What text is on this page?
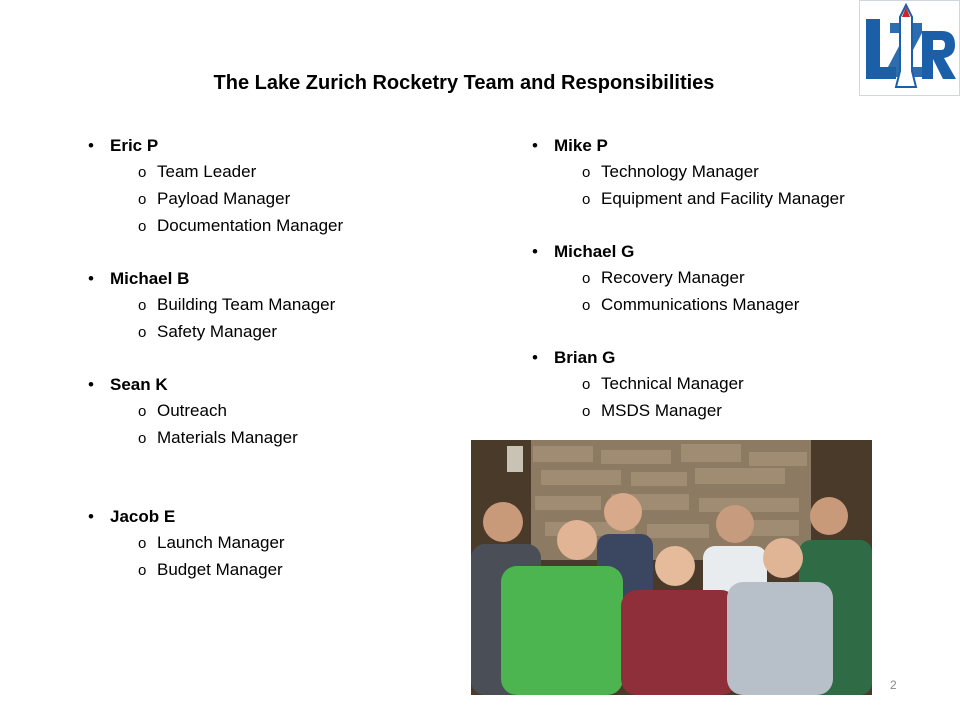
The Lake Zurich Rocketry Team and Responsibilities
• Eric P
o Team Leader
o Payload Manager
o Documentation Manager
• Michael B
o Building Team Manager
o Safety Manager
• Sean K
o Outreach
o Materials Manager
• Jacob E
o Launch Manager
o Budget Manager
• Mike P
o Technology Manager
o Equipment and Facility Manager
• Michael G
o Recovery Manager
o Communications Manager
• Brian G
o Technical Manager
o MSDS Manager
2
